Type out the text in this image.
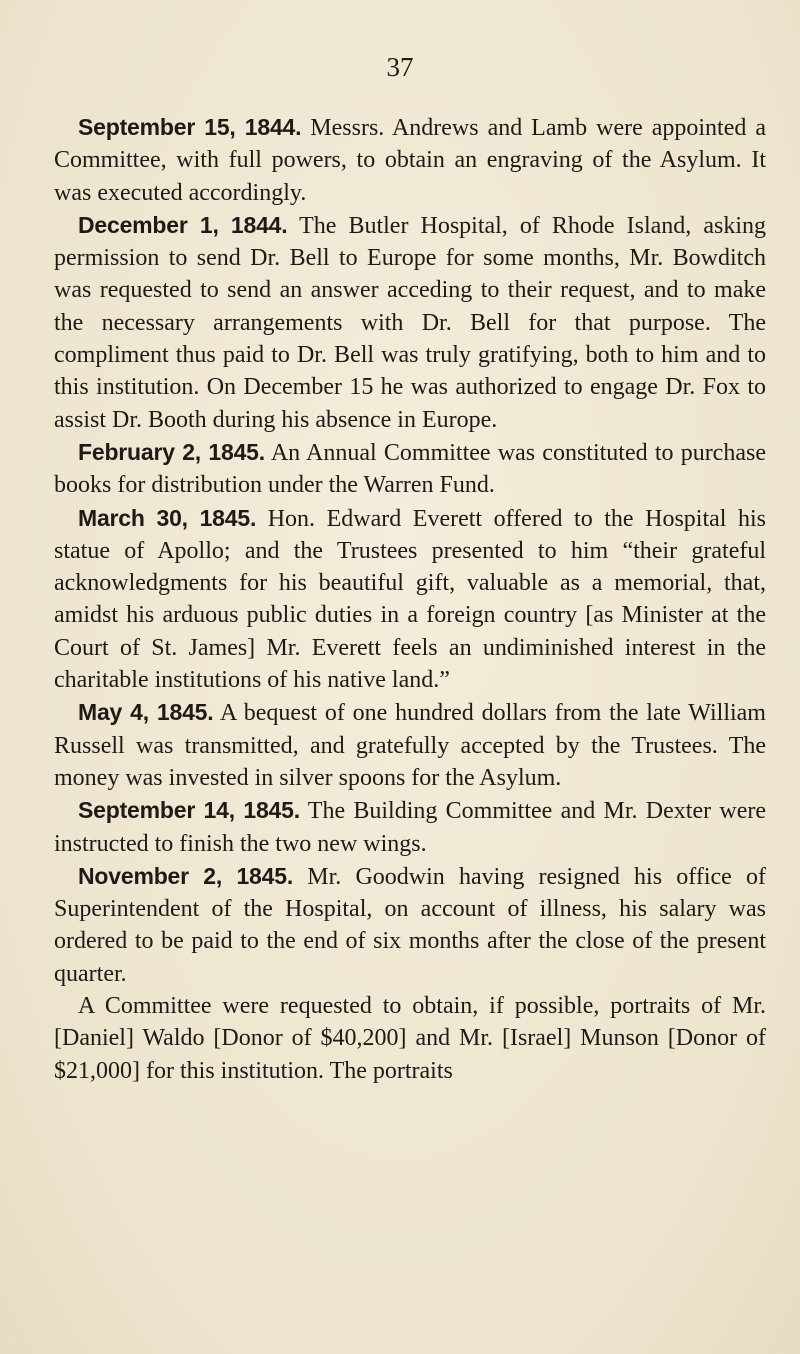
37

September 15, 1844. Messrs. Andrews and Lamb were appointed a Committee, with full powers, to obtain an engraving of the Asylum. It was executed accordingly.

December 1, 1844. The Butler Hospital, of Rhode Island, asking permission to send Dr. Bell to Europe for some months, Mr. Bowditch was requested to send an answer acceding to their request, and to make the necessary arrangements with Dr. Bell for that purpose. The compliment thus paid to Dr. Bell was truly gratifying, both to him and to this institution. On December 15 he was authorized to engage Dr. Fox to assist Dr. Booth during his absence in Europe.

February 2, 1845. An Annual Committee was constituted to purchase books for distribution under the Warren Fund.

March 30, 1845. Hon. Edward Everett offered to the Hospital his statue of Apollo; and the Trustees presented to him “their grateful acknowledgments for his beautiful gift, valuable as a memorial, that, amidst his arduous public duties in a foreign country [as Minister at the Court of St. James] Mr. Everett feels an undiminished interest in the charitable institutions of his native land.”

May 4, 1845. A bequest of one hundred dollars from the late William Russell was transmitted, and gratefully accepted by the Trustees. The money was invested in silver spoons for the Asylum.

September 14, 1845. The Building Committee and Mr. Dexter were instructed to finish the two new wings.

November 2, 1845. Mr. Goodwin having resigned his office of Superintendent of the Hospital, on account of illness, his salary was ordered to be paid to the end of six months after the close of the present quarter.

A Committee were requested to obtain, if possible, portraits of Mr. [Daniel] Waldo [Donor of $40,200] and Mr. [Israel] Munson [Donor of $21,000] for this institution. The portraits
